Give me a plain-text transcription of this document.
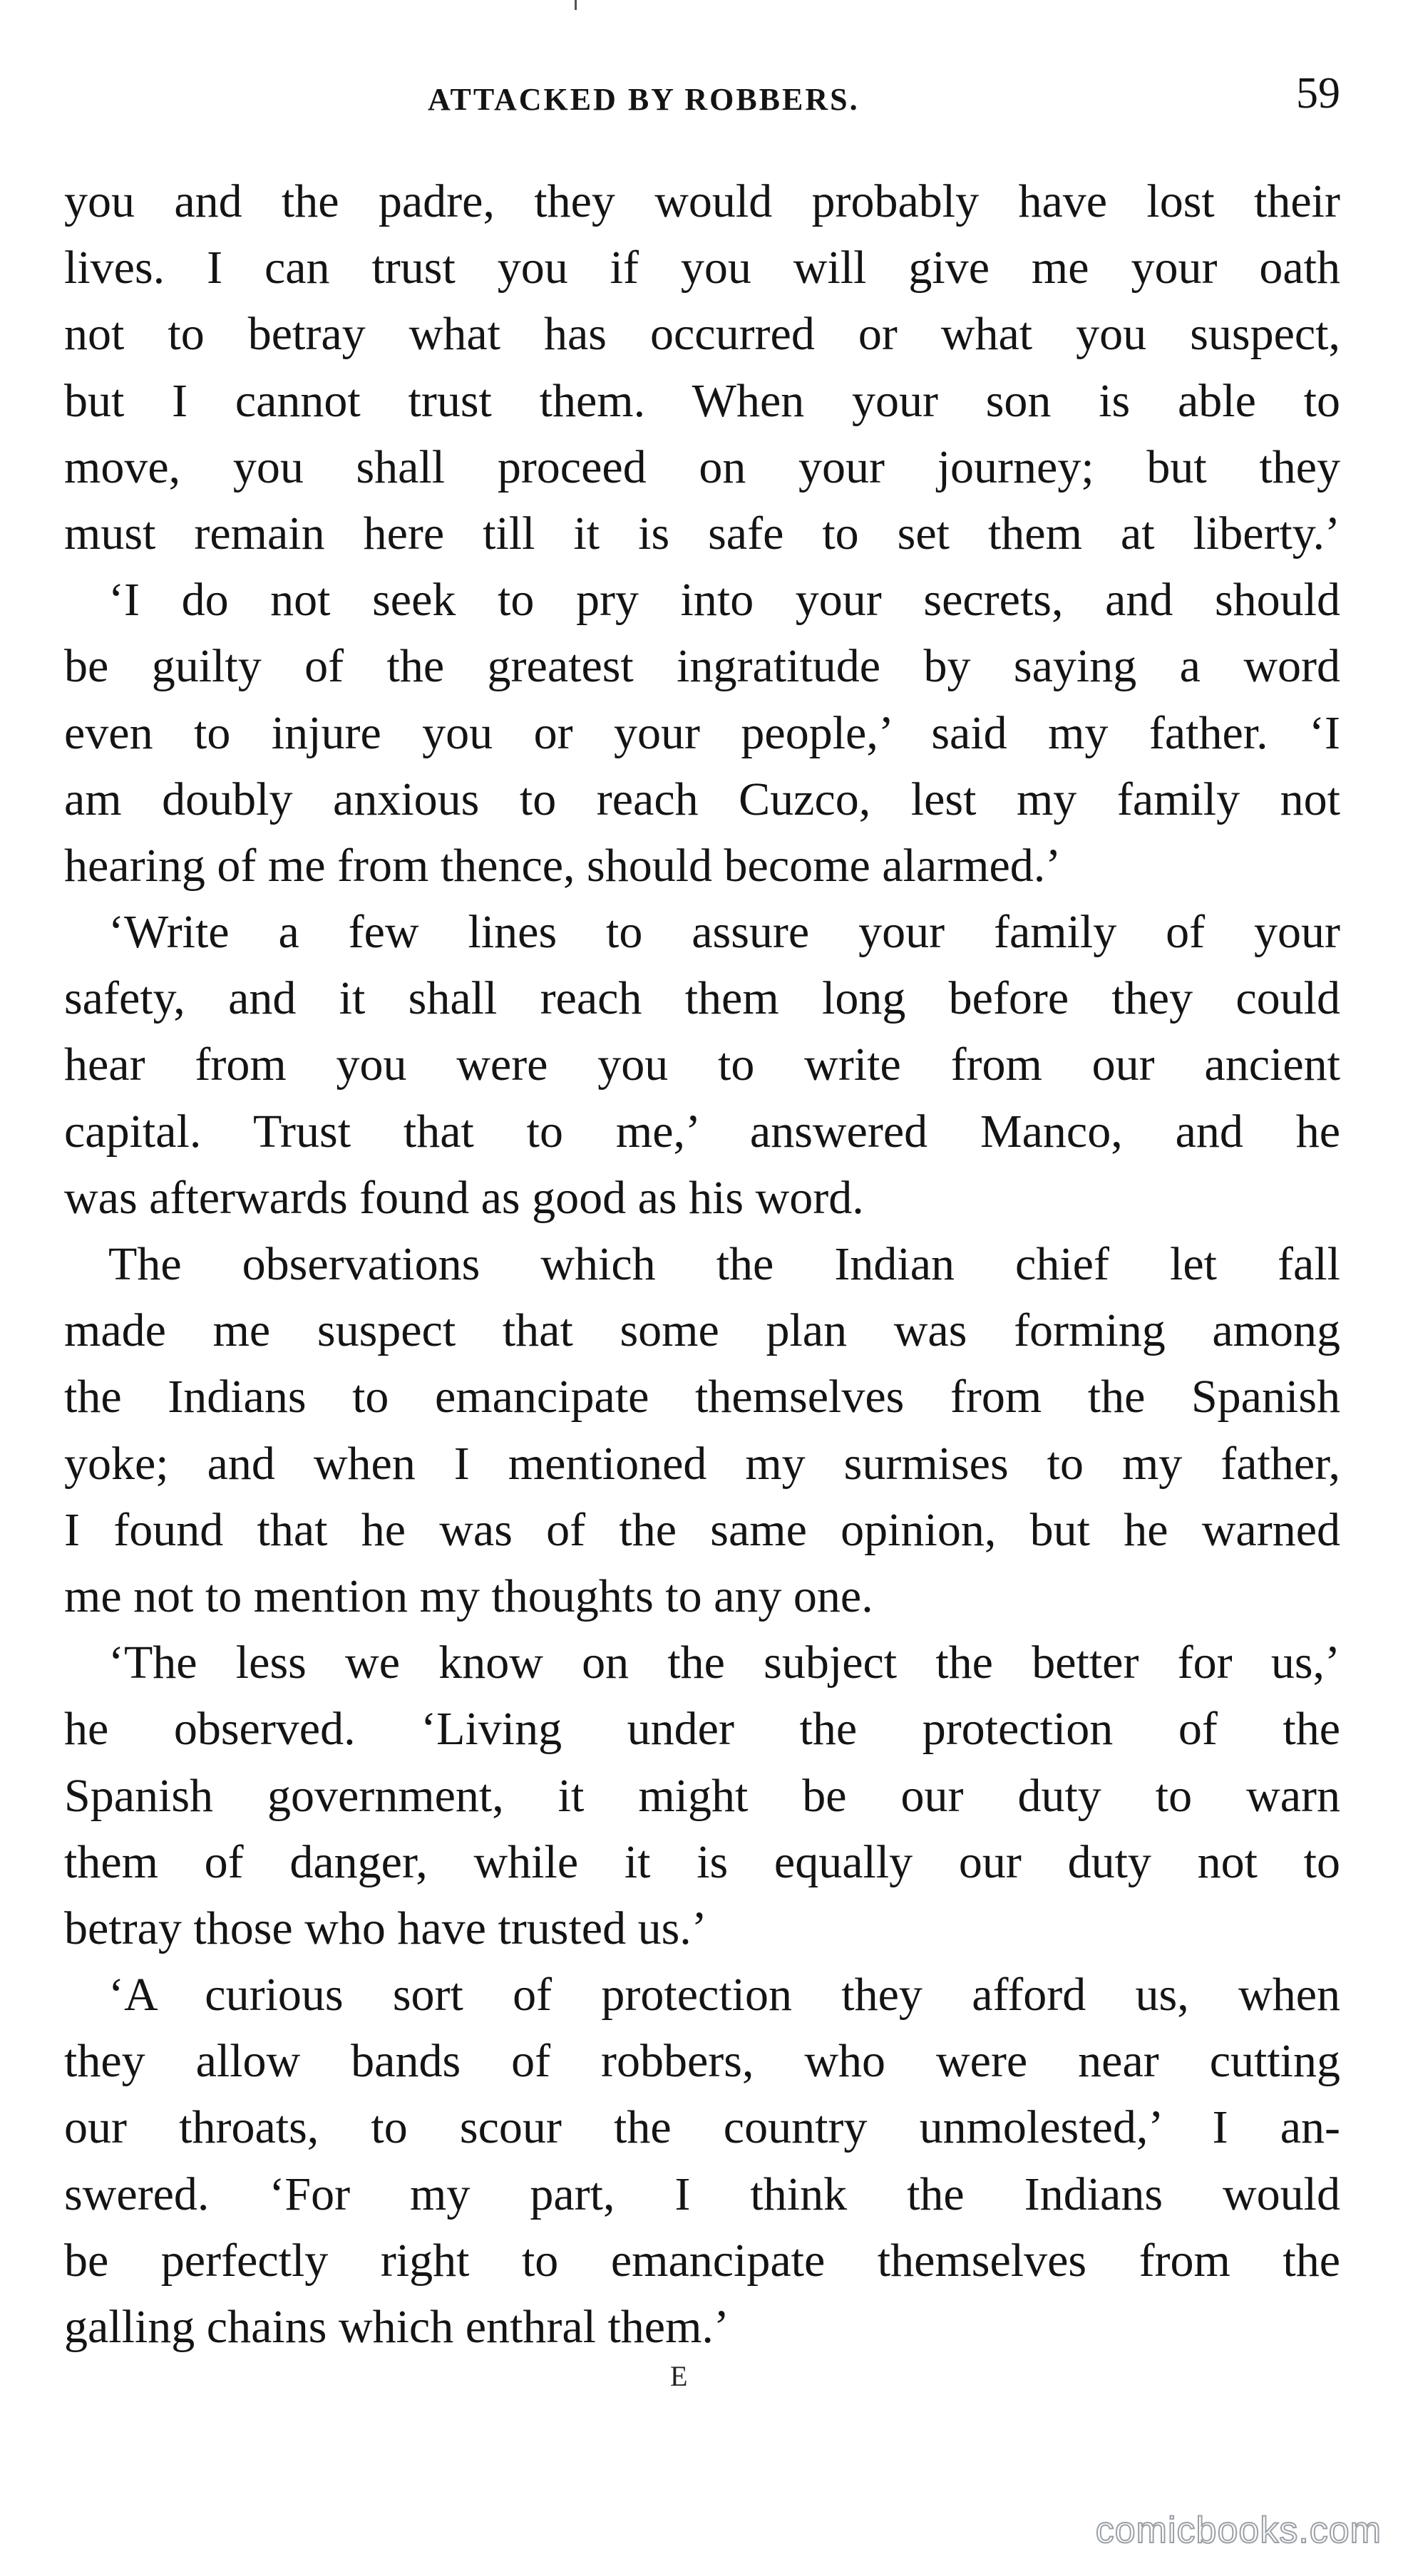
ATTACKED BY ROBBERS.	59
you and the padre, they would probably have lost their
lives. I can trust you if you will give me your oath
not to betray what has occurred or what you suspect,
but I cannot trust them. When your son is able to
move, you shall proceed on your journey; but they
must remain here till it is safe to set them at liberty.’
‘I do not seek to pry into your secrets, and should
be guilty of the greatest ingratitude by saying a word
even to injure you or your people,’ said my father. ‘I
am doubly anxious to reach Cuzco, lest my family not
hearing of me from thence, should become alarmed.’
‘Write a few lines to assure your family of your
safety, and it shall reach them long before they could
hear from you were you to write from our ancient
capital. Trust that to me,’ answered Manco, and he
was afterwards found as good as his word.
The observations which the Indian chief let fall
made me suspect that some plan was forming among
the Indians to emancipate themselves from the Spanish
yoke; and when I mentioned my surmises to my father,
I found that he was of the same opinion, but he warned
me not to mention my thoughts to any one.
‘The less we know on the subject the better for us,’
he observed. ‘Living under the protection of the
Spanish government, it might be our duty to warn
them of danger, while it is equally our duty not to
betray those who have trusted us.’
‘A curious sort of protection they afford us, when
they allow bands of robbers, who were near cutting
our throats, to scour the country unmolested,’ I an-
swered. ‘For my part, I think the Indians would
be perfectly right to emancipate themselves from the
galling chains which enthral them.’
E
comicbooks.com
